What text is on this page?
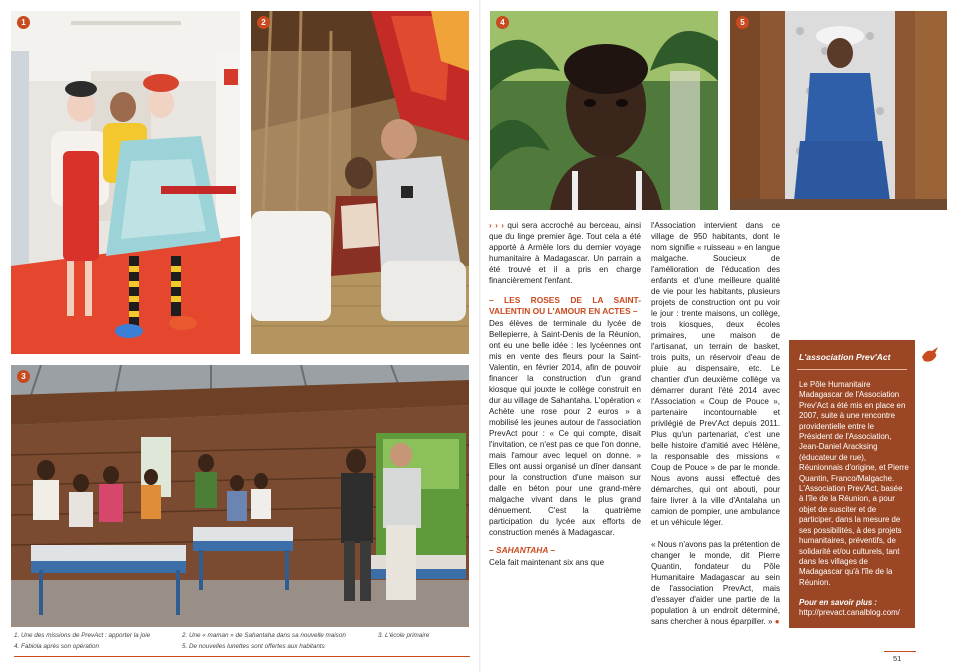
1	2
3
4	5
1. Une des missions de PrevAct : apporter la joie
4. Fabiola après son opération
2. Une « maman » de Sahantaha dans sa nouvelle maison
5. De nouvelles lunettes sont offertes aux habitants
3. L'école primaire

› › › qui sera accroché au berceau, ainsi que du linge premier âge. Tout cela a été apporté à Armèle lors du dernier voyage humanitaire à Madagascar. Un parrain a été trouvé et il a pris en charge financièrement l'enfant.

– LES ROSES DE LA SAINT-VALENTIN OU L'AMOUR EN ACTES –

Des élèves de terminale du lycée de Bellepierre, à Saint-Denis de la Réunion, ont eu une belle idée : les lycéennes ont mis en vente des fleurs pour la Saint-Valentin, en février 2014, afin de pouvoir financer la construction d'un grand kiosque qui jouxte le collège construit en dur au village de Sahantaha. L'opération « Achète une rose pour 2 euros » a mobilisé les jeunes autour de l'association PrevAct pour : « Ce qui compte, disait l'invitation, ce n'est pas ce que l'on donne, mais l'amour avec lequel on donne. » Elles ont aussi organisé un dîner dansant pour la construction d'une maison sur dalle en béton pour une grand-mère malgache vivant dans le plus grand dénuement. C'est la quatrième participation du lycée aux efforts de construction menés à Madagascar.

– SAHANTAHA –

Cela fait maintenant six ans que

l'Association intervient dans ce village de 950 habitants, dont le nom signifie « ruisseau » en langue malgache. Soucieux de l'amélioration de l'éducation des enfants et d'une meilleure qualité de vie pour les habitants, plusieurs projets de construction ont pu voir le jour : trente maisons, un collège, trois kiosques, deux écoles primaires, une maison de l'artisanat, un terrain de basket, trois puits, un réservoir d'eau de pluie au dispensaire, etc. Le chantier d'un deuxième collège va démarrer durant l'été 2014 avec l'Association « Coup de Pouce », partenaire incontournable et privilégié de Prev'Act depuis 2011. Plus qu'un partenariat, c'est une belle histoire d'amitié avec Hélène, la responsable des missions « Coup de Pouce » de par le monde. Nous avons aussi effectué des démarches, qui ont abouti, pour faire livrer à la ville d'Antalaha un camion de pompier, une ambulance et un véhicule léger.

« Nous n'avons pas la prétention de changer le monde, dit Pierre Quantin, fondateur du Pôle Humanitaire Madagascar au sein de l'association PrevAct, mais d'essayer d'aider une partie de la population à un endroit déterminé, sans chercher à nous éparpiller. » ●

L'association Prev'Act

Le Pôle Humanitaire Madagascar de l'Association Prev'Act a été mis en place en 2007, suite à une rencontre providentielle entre le Président de l'Association, Jean-Daniel Aracksing (éducateur de rue), Réunionnais d'origine, et Pierre Quantin, Franco/Malgache.

L'Association Prev'Act, basée à l'île de la Réunion, a pour objet de susciter et de participer, dans la mesure de ses possibilités, à des projets humanitaires, préventifs, de solidarité et/ou culturels, tant dans les villages de Madagascar qu'à l'île de la Réunion.

Pour en savoir plus :
http://prevact.canalblog.com/
51
